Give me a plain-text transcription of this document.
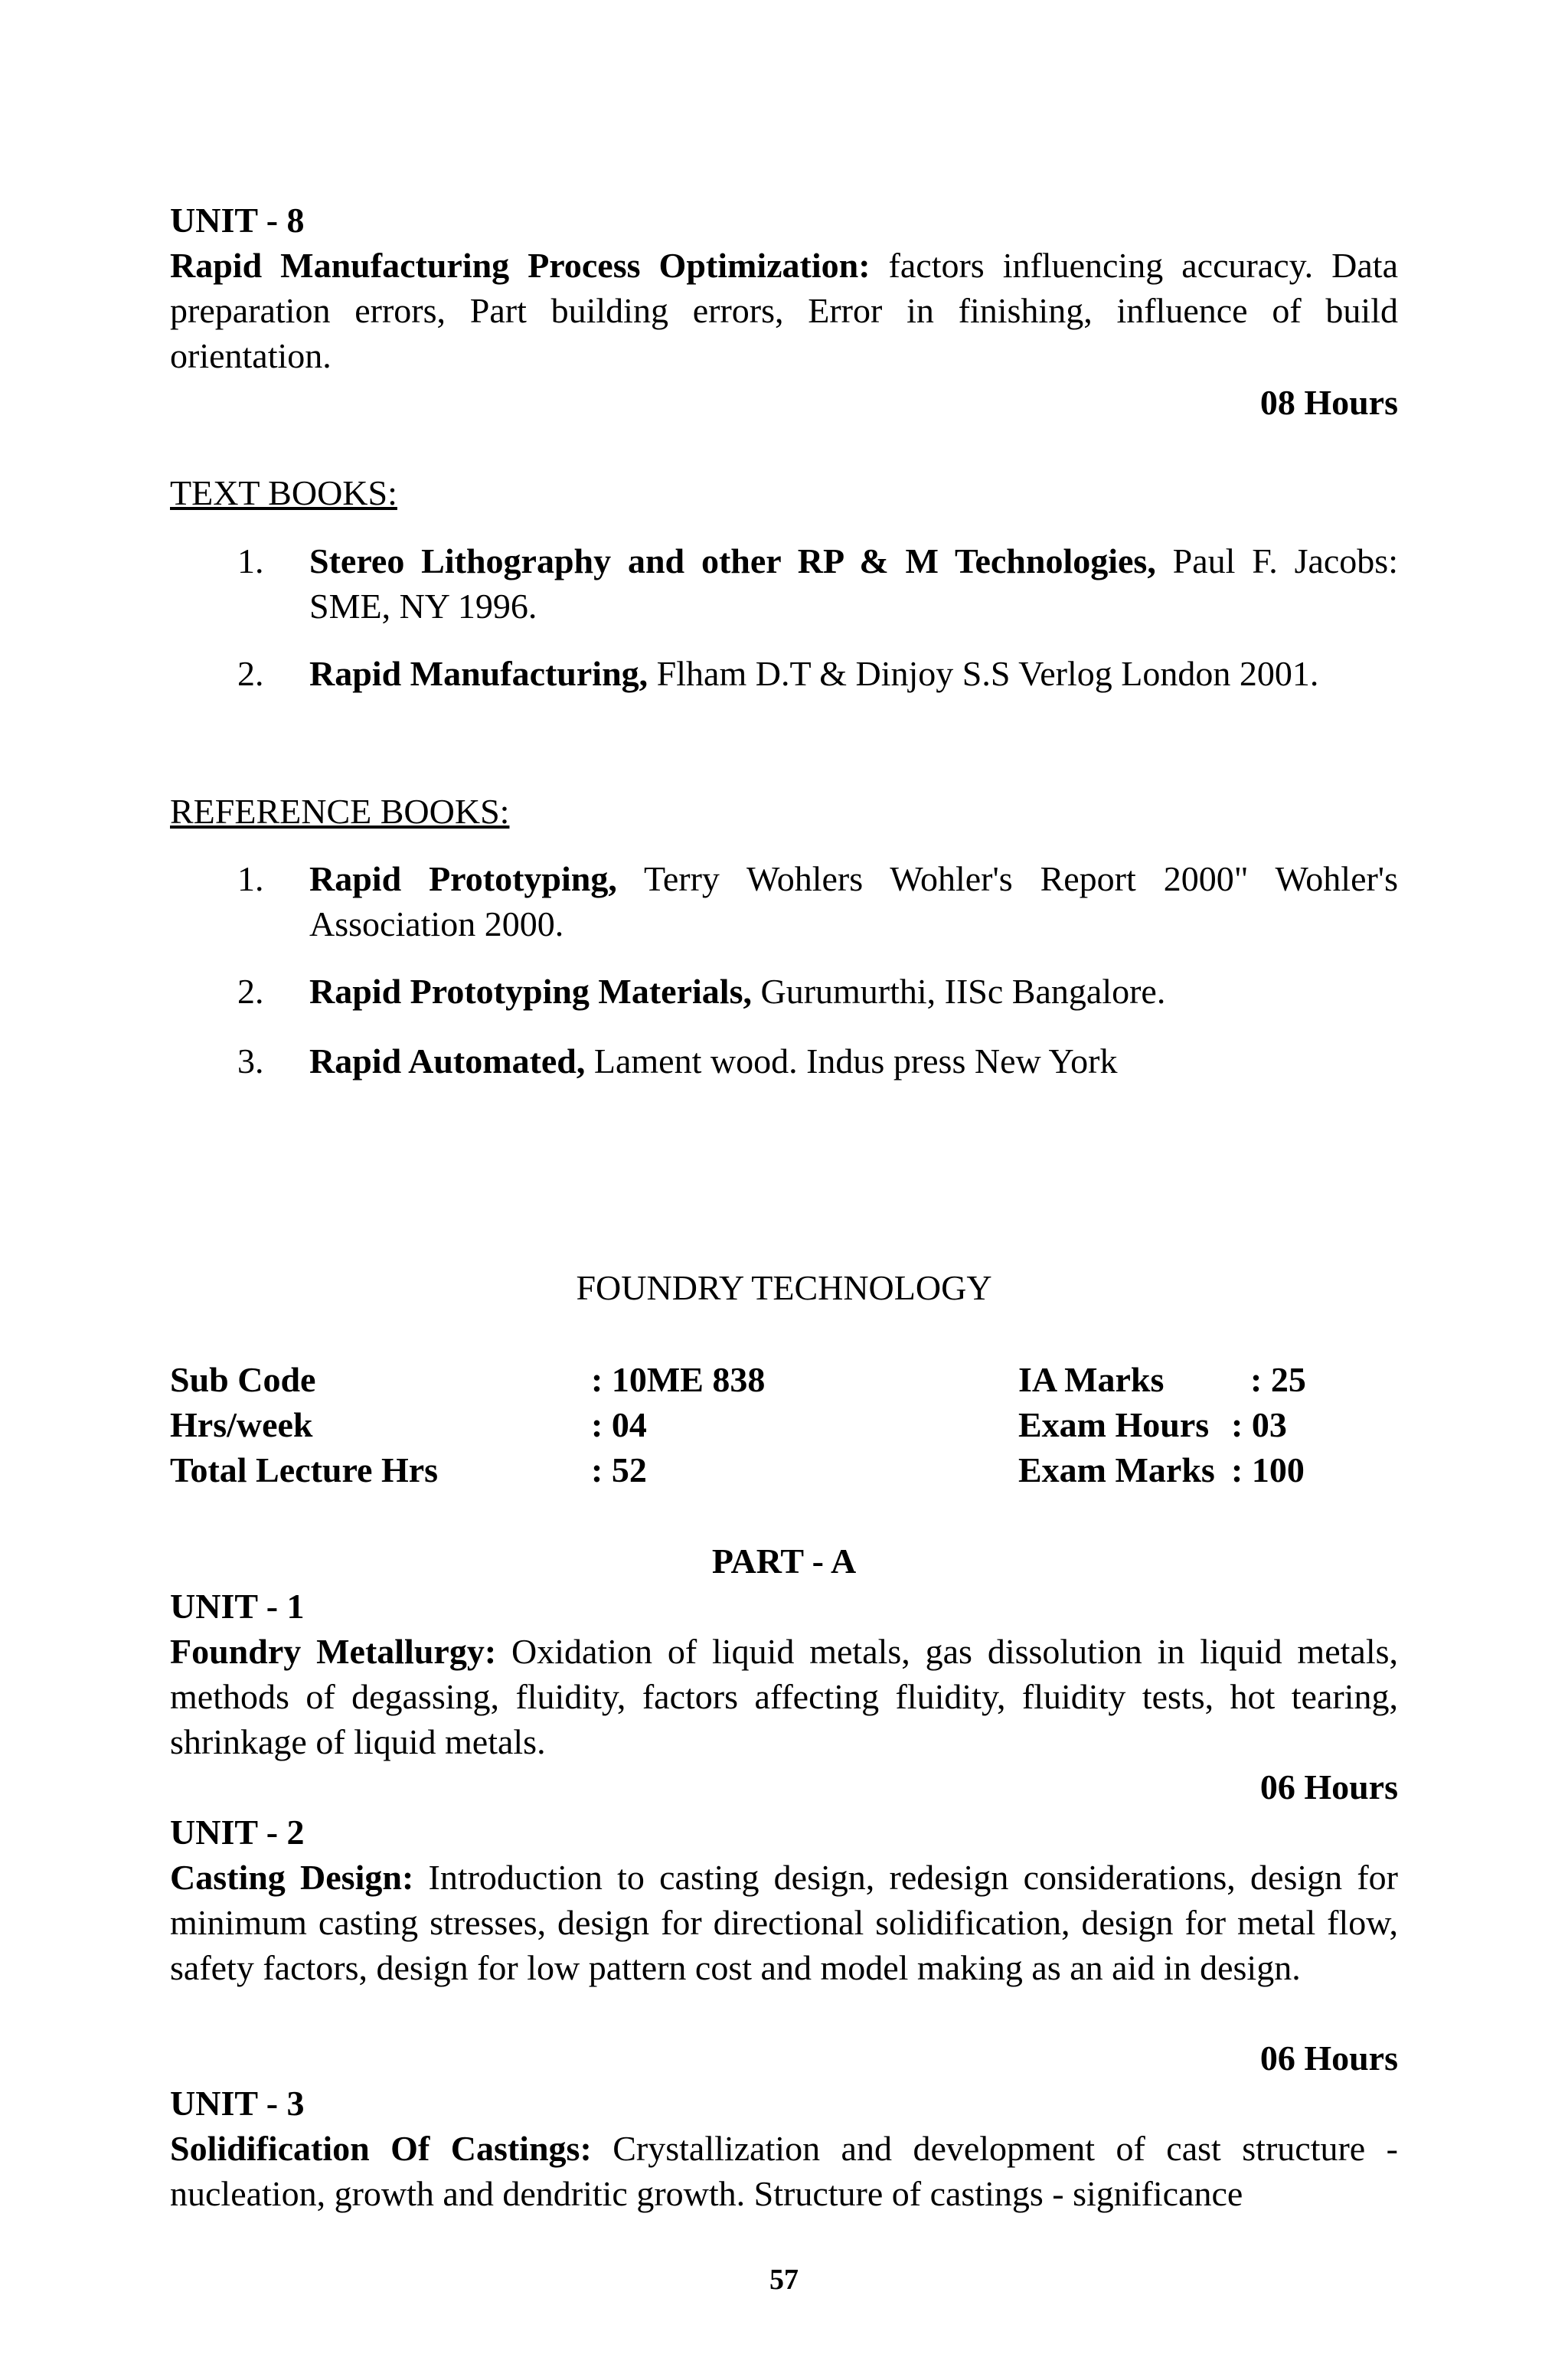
UNIT - 8
Rapid Manufacturing Process Optimization: factors influencing accuracy. Data preparation errors, Part building errors, Error in finishing, influence of build orientation.
08 Hours
TEXT BOOKS:
1.	Stereo Lithography and other RP & M Technologies, Paul F. Jacobs: SME, NY 1996.
2.	Rapid Manufacturing, Flham D.T & Dinjoy S.S Verlog London 2001.
REFERENCE BOOKS:
1.	Rapid Prototyping, Terry Wohlers Wohler's Report 2000" Wohler's Association 2000.
2.	Rapid Prototyping Materials, Gurumurthi, IISc Bangalore.
3.	Rapid Automated, Lament wood. Indus press New York
FOUNDRY TECHNOLOGY
Sub Code	: 10ME 838	IA Marks : 25
Hrs/week	: 04	Exam Hours : 03
Total Lecture Hrs	: 52	Exam Marks : 100
PART - A
UNIT - 1
Foundry Metallurgy: Oxidation of liquid metals, gas dissolution in liquid metals, methods of degassing, fluidity, factors affecting fluidity, fluidity tests, hot tearing, shrinkage of liquid metals.
06 Hours
UNIT - 2
Casting Design: Introduction to casting design, redesign considerations, design for minimum casting stresses, design for directional solidification, design for metal flow, safety factors, design for low pattern cost and model making as an aid in design.
06 Hours
UNIT - 3
Solidification Of Castings: Crystallization and development of cast structure - nucleation, growth and dendritic growth. Structure of castings - significance
57
